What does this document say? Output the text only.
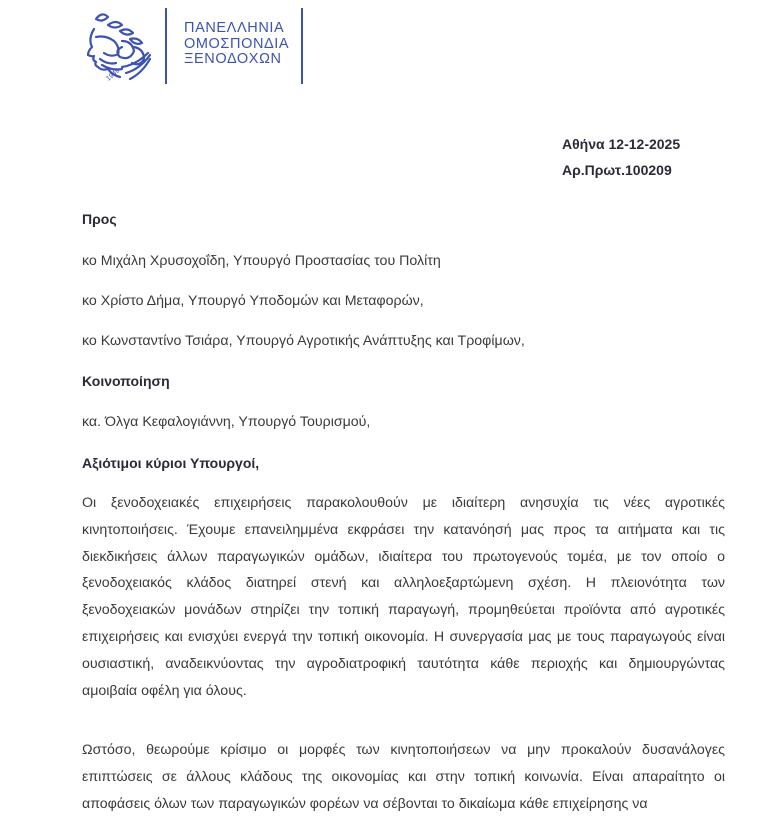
1949
ΠΑΝΕΛΛΗΝΙΑ
ΟΜΟΣΠΟΝΔΙΑ
ΞΕΝΟΔΟΧΩΝ
Αθήνα 12-12-2025
Αρ.Πρωτ.100209
Προς
κο Μιχάλη Χρυσοχοΐδη, Υπουργό Προστασίας του Πολίτη
κο Χρίστο Δήμα, Υπουργό Υποδομών και Μεταφορών,
κο Κωνσταντίνο Τσιάρα, Υπουργό Αγροτικής Ανάπτυξης και Τροφίμων,
Κοινοποίηση
κα. Όλγα Κεφαλογιάννη, Υπουργό Τουρισμού,
Αξιότιμοι κύριοι Υπουργοί,
Οι ξενοδοχειακές επιχειρήσεις παρακολουθούν με ιδιαίτερη ανησυχία τις νέες αγροτικές κινητοποιήσεις. Έχουμε επανειλημμένα εκφράσει την κατανόησή μας προς τα αιτήματα και τις διεκδικήσεις άλλων παραγωγικών ομάδων, ιδιαίτερα του πρωτογενούς τομέα, με τον οποίο ο ξενοδοχειακός κλάδος διατηρεί στενή και αλληλοεξαρτώμενη σχέση. Η πλειονότητα των ξενοδοχειακών μονάδων στηρίζει την τοπική παραγωγή, προμηθεύεται προϊόντα από αγροτικές επιχειρήσεις και ενισχύει ενεργά την τοπική οικονομία. Η συνεργασία μας με τους παραγωγούς είναι ουσιαστική, αναδεικνύοντας την αγροδιατροφική ταυτότητα κάθε περιοχής και δημιουργώντας αμοιβαία οφέλη για όλους.
Ωστόσο, θεωρούμε κρίσιμο οι μορφές των κινητοποιήσεων να μην προκαλούν δυσανάλογες επιπτώσεις σε άλλους κλάδους της οικονομίας και στην τοπική κοινωνία. Είναι απαραίτητο οι αποφάσεις όλων των παραγωγικών φορέων να σέβονται το δικαίωμα κάθε επιχείρησης να
